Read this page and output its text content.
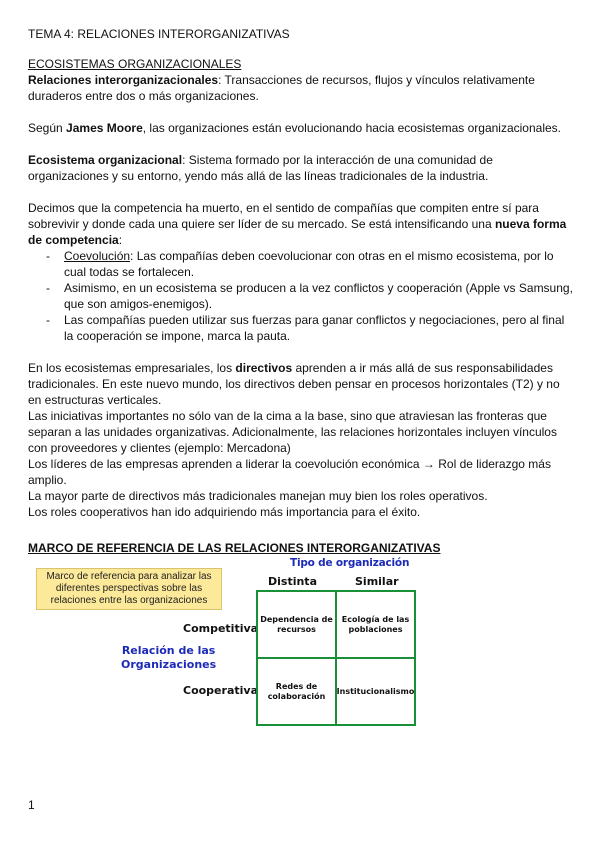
TEMA 4: RELACIONES INTERORGANIZATIVAS

ECOSISTEMAS ORGANIZACIONALES

Relaciones interorganizacionales: Transacciones de recursos, flujos y vínculos relativamente duraderos entre dos o más organizaciones.

Según James Moore, las organizaciones están evolucionando hacia ecosistemas organizacionales.

Ecosistema organizacional: Sistema formado por la interacción de una comunidad de organizaciones y su entorno, yendo más allá de las líneas tradicionales de la industria.

Decimos que la competencia ha muerto, en el sentido de compañías que compiten entre sí para sobrevivir y donde cada una quiere ser líder de su mercado. Se está intensificando una nueva forma de competencia:

- Coevolución: Las compañías deben coevolucionar con otras en el mismo ecosistema, por lo cual todas se fortalecen.
- Asimismo, en un ecosistema se producen a la vez conflictos y cooperación (Apple vs Samsung, que son amigos-enemigos).
- Las compañías pueden utilizar sus fuerzas para ganar conflictos y negociaciones, pero al final la cooperación se impone, marca la pauta.

En los ecosistemas empresariales, los directivos aprenden a ir más allá de sus responsabilidades tradicionales. En este nuevo mundo, los directivos deben pensar en procesos horizontales (T2) y no en estructuras verticales.

Las iniciativas importantes no sólo van de la cima a la base, sino que atraviesan las fronteras que separan a las unidades organizativas. Adicionalmente, las relaciones horizontales incluyen vínculos con proveedores y clientes (ejemplo: Mercadona)

Los líderes de las empresas aprenden a liderar la coevolución económica → Rol de liderazgo más amplio.

La mayor parte de directivos más tradicionales manejan muy bien los roles operativos.

Los roles cooperativos han ido adquiriendo más importancia para el éxito.

MARCO DE REFERENCIA DE LAS RELACIONES INTERORGANIZATIVAS

Marco de referencia para analizar las diferentes perspectivas sobre las relaciones entre las organizaciones
Tipo de organización
Distinta	Similar
Competitiva
Cooperativa
Relación de las
Organizaciones
Dependencia de recursos
Ecología de las poblaciones
Redes de colaboración
Institucionalismo
1
